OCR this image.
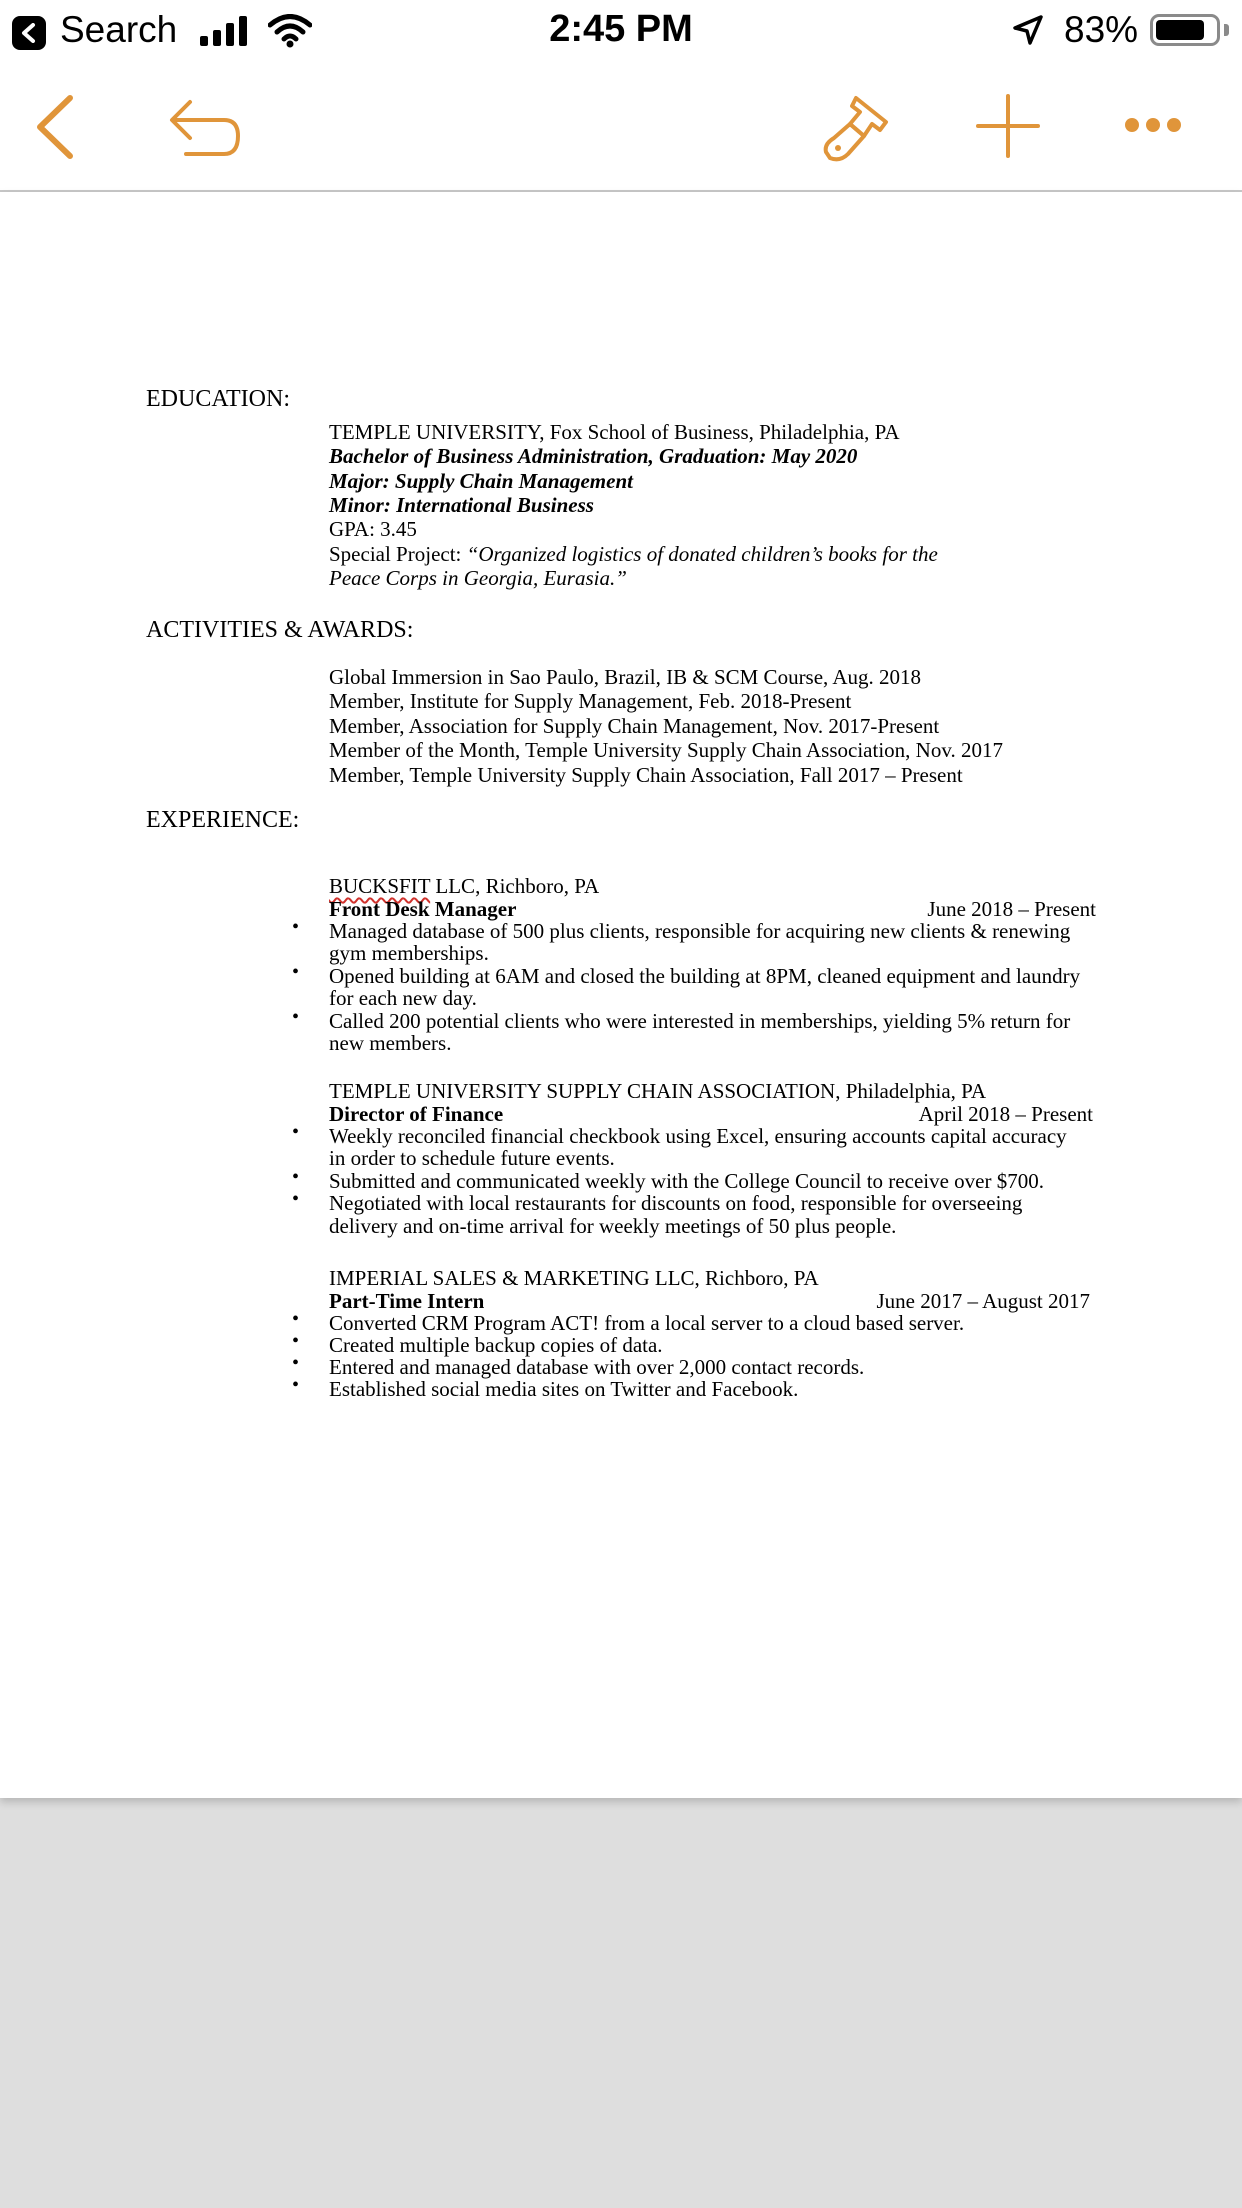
Search	2:45 PM	83%
EDUCATION:
TEMPLE UNIVERSITY, Fox School of Business, Philadelphia, PA
Bachelor of Business Administration, Graduation: May 2020
Major: Supply Chain Management
Minor: International Business
GPA: 3.45
Special Project: “Organized logistics of donated children’s books for the
Peace Corps in Georgia, Eurasia.”
ACTIVITIES & AWARDS:
Global Immersion in Sao Paulo, Brazil, IB & SCM Course, Aug. 2018
Member, Institute for Supply Management, Feb. 2018-Present
Member, Association for Supply Chain Management, Nov. 2017-Present
Member of the Month, Temple University Supply Chain Association, Nov. 2017
Member, Temple University Supply Chain Association, Fall 2017 – Present
EXPERIENCE:
BUCKSFIT LLC, Richboro, PA
Front Desk Manager	June 2018 – Present
• Managed database of 500 plus clients, responsible for acquiring new clients & renewing
gym memberships.
• Opened building at 6AM and closed the building at 8PM, cleaned equipment and laundry
for each new day.
• Called 200 potential clients who were interested in memberships, yielding 5% return for
new members.
TEMPLE UNIVERSITY SUPPLY CHAIN ASSOCIATION, Philadelphia, PA
Director of Finance	April 2018 – Present
• Weekly reconciled financial checkbook using Excel, ensuring accounts capital accuracy
in order to schedule future events.
• Submitted and communicated weekly with the College Council to receive over $700.
• Negotiated with local restaurants for discounts on food, responsible for overseeing
delivery and on-time arrival for weekly meetings of 50 plus people.
IMPERIAL SALES & MARKETING LLC, Richboro, PA
Part-Time Intern	June 2017 – August 2017
• Converted CRM Program ACT! from a local server to a cloud based server.
• Created multiple backup copies of data.
• Entered and managed database with over 2,000 contact records.
• Established social media sites on Twitter and Facebook.
